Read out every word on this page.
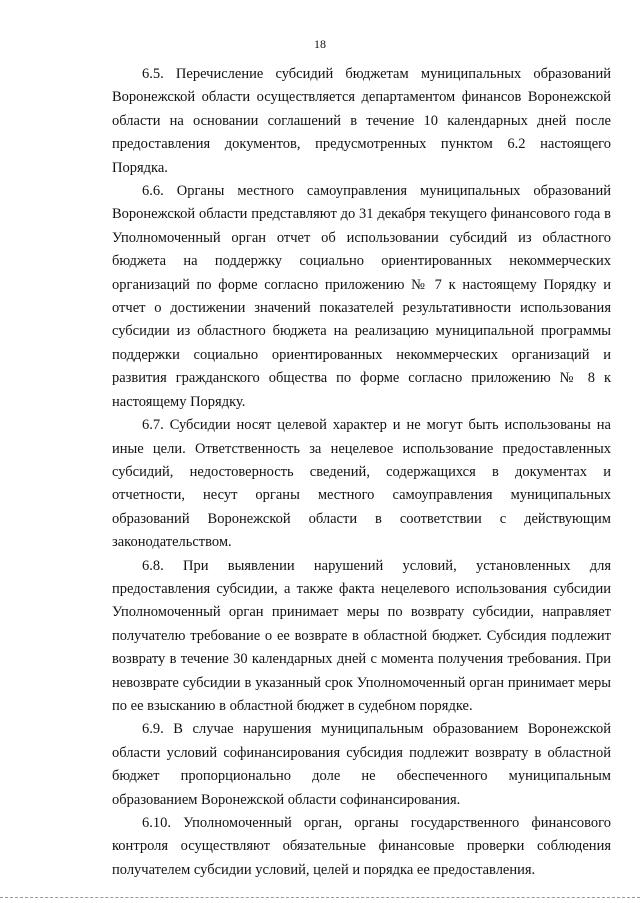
18

6.5. Перечисление субсидий бюджетам муниципальных образований Воронежской области осуществляется департаментом финансов Воронежской области на основании соглашений в течение 10 календарных дней после предоставления документов, предусмотренных пунктом 6.2 настоящего Порядка.

6.6. Органы местного самоуправления муниципальных образований Воронежской области представляют до 31 декабря текущего финансового года в Уполномоченный орган отчет об использовании субсидий из областного бюджета на поддержку социально ориентированных некоммерческих организаций по форме согласно приложению № 7 к настоящему Порядку и отчет о достижении значений показателей результативности использования субсидии из областного бюджета на реализацию муниципальной программы поддержки социально ориентированных некоммерческих организаций и развития гражданского общества по форме согласно приложению № 8 к настоящему Порядку.

6.7. Субсидии носят целевой характер и не могут быть использованы на иные цели. Ответственность за нецелевое использование предоставленных субсидий, недостоверность сведений, содержащихся в документах и отчетности, несут органы местного самоуправления муниципальных образований Воронежской области в соответствии с действующим законодательством.

6.8. При выявлении нарушений условий, установленных для предоставления субсидии, а также факта нецелевого использования субсидии Уполномоченный орган принимает меры по возврату субсидии, направляет получателю требование о ее возврате в областной бюджет. Субсидия подлежит возврату в течение 30 календарных дней с момента получения требования. При невозврате субсидии в указанный срок Уполномоченный орган принимает меры по ее взысканию в областной бюджет в судебном порядке.

6.9. В случае нарушения муниципальным образованием Воронежской области условий софинансирования субсидия подлежит возврату в областной бюджет пропорционально доле не обеспеченного муниципальным образованием Воронежской области софинансирования.

6.10. Уполномоченный орган, органы государственного финансового контроля осуществляют обязательные финансовые проверки соблюдения получателем субсидии условий, целей и порядка ее предоставления.
